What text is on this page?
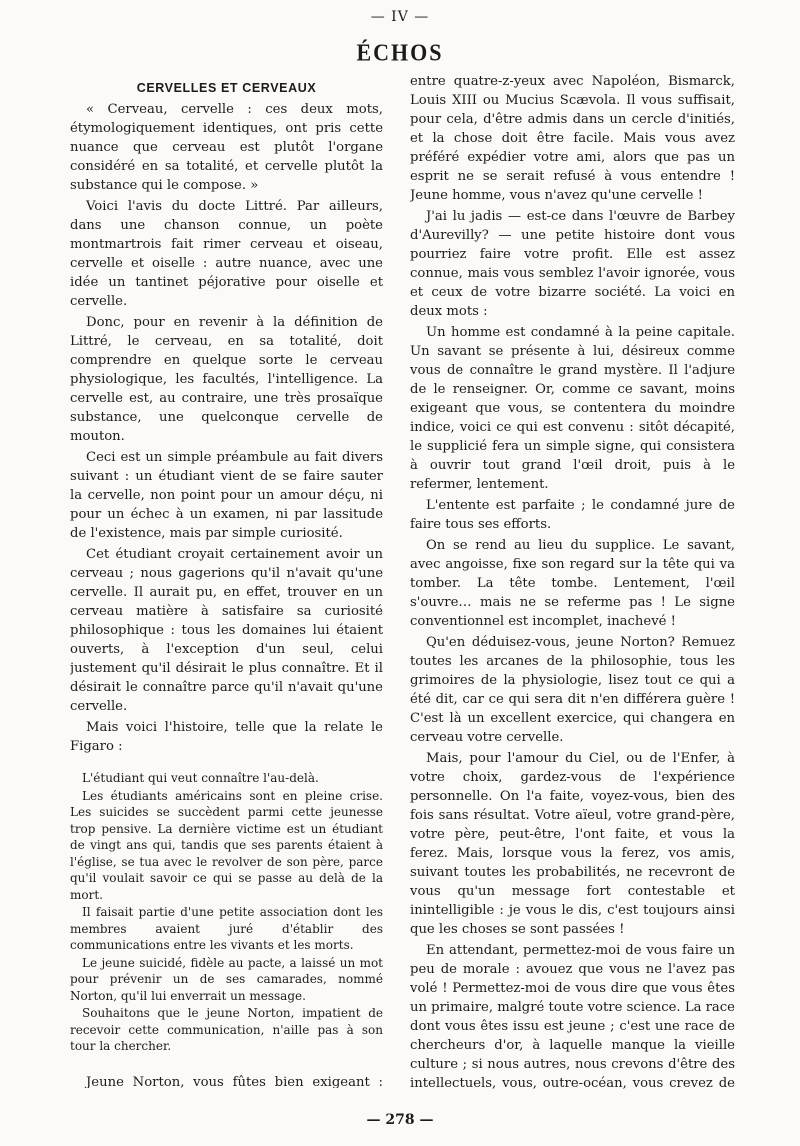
— IV —
ÉCHOS
CERVELLES ET CERVEAUX

« Cerveau, cervelle : ces deux mots, étymologiquement identiques, ont pris cette nuance que cerveau est plutôt l'organe considéré en sa totalité, et cervelle plutôt la substance qui le compose. »

Voici l'avis du docte Littré. Par ailleurs, dans une chanson connue, un poète montmartrois fait rimer cerveau et oiseau, cervelle et oiselle : autre nuance, avec une idée un tantinet péjorative pour oiselle et cervelle.

Donc, pour en revenir à la définition de Littré, le cerveau, en sa totalité, doit comprendre en quelque sorte le cerveau physiologique, les facultés, l'intelligence. La cervelle est, au contraire, une très prosaïque substance, une quelconque cervelle de mouton.

Ceci est un simple préambule au fait divers suivant : un étudiant vient de se faire sauter la cervelle, non point pour un amour déçu, ni pour un échec à un examen, ni par lassitude de l'existence, mais par simple curiosité.

Cet étudiant croyait certainement avoir un cerveau ; nous gagerions qu'il n'avait qu'une cervelle. Il aurait pu, en effet, trouver en un cerveau matière à satisfaire sa curiosité philosophique : tous les domaines lui étaient ouverts, à l'exception d'un seul, celui justement qu'il désirait le plus connaître. Et il désirait le connaître parce qu'il n'avait qu'une cervelle.

Mais voici l'histoire, telle que la relate le Figaro :

L'étudiant qui veut connaître l'au-delà.

Les étudiants américains sont en pleine crise. Les suicides se succèdent parmi cette jeunesse trop pensive. La dernière victime est un étudiant de vingt ans qui, tandis que ses parents étaient à l'église, se tua avec le revolver de son père, parce qu'il voulait savoir ce qui se passe au delà de la mort.

Il faisait partie d'une petite association dont les membres avaient juré d'établir des communications entre les vivants et les morts.

Le jeune suicidé, fidèle au pacte, a laissé un mot pour prévenir un de ses camarades, nommé Norton, qu'il lui enverrait un message.

Souhaitons que le jeune Norton, impatient de recevoir cette communication, n'aille pas à son tour la chercher.

Jeune Norton, vous fûtes bien exigeant :

entre quatre-z-yeux avec Napoléon, Bismarck, Louis XIII ou Mucius Scævola. Il vous suffisait, pour cela, d'être admis dans un cercle d'initiés, et la chose doit être facile. Mais vous avez préféré expédier votre ami, alors que pas un esprit ne se serait refusé à vous entendre ! Jeune homme, vous n'avez qu'une cervelle !

J'ai lu jadis — est-ce dans l'œuvre de Barbey d'Aurevilly? — une petite histoire dont vous pourriez faire votre profit. Elle est assez connue, mais vous semblez l'avoir ignorée, vous et ceux de votre bizarre société. La voici en deux mots :

Un homme est condamné à la peine capitale. Un savant se présente à lui, désireux comme vous de connaître le grand mystère. Il l'adjure de le renseigner. Or, comme ce savant, moins exigeant que vous, se contentera du moindre indice, voici ce qui est convenu : sitôt décapité, le supplicié fera un simple signe, qui consistera à ouvrir tout grand l'œil droit, puis à le refermer, lentement.

L'entente est parfaite ; le condamné jure de faire tous ses efforts.

On se rend au lieu du supplice. Le savant, avec angoisse, fixe son regard sur la tête qui va tomber. La tête tombe. Lentement, l'œil s'ouvre… mais ne se referme pas ! Le signe conventionnel est incomplet, inachevé !

Qu'en déduisez-vous, jeune Norton? Remuez toutes les arcanes de la philosophie, tous les grimoires de la physiologie, lisez tout ce qui a été dit, car ce qui sera dit n'en différera guère ! C'est là un excellent exercice, qui changera en cerveau votre cervelle.

Mais, pour l'amour du Ciel, ou de l'Enfer, à votre choix, gardez-vous de l'expérience personnelle. On l'a faite, voyez-vous, bien des fois sans résultat. Votre aïeul, votre grand-père, votre père, peut-être, l'ont faite, et vous la ferez. Mais, lorsque vous la ferez, vos amis, suivant toutes les probabilités, ne recevront de vous qu'un message fort contestable et inintelligible : je vous le dis, c'est toujours ainsi que les choses se sont passées !

En attendant, permettez-moi de vous faire un peu de morale : avouez que vous ne l'avez pas volé ! Permettez-moi de vous dire que vous êtes un primaire, malgré toute votre science. La race dont vous êtes issu est jeune ; c'est une race de chercheurs d'or, à laquelle manque la vieille culture ; si nous autres, nous crevons d'être des intellectuels, vous, outre-océan, vous crevez de

— 278 —
